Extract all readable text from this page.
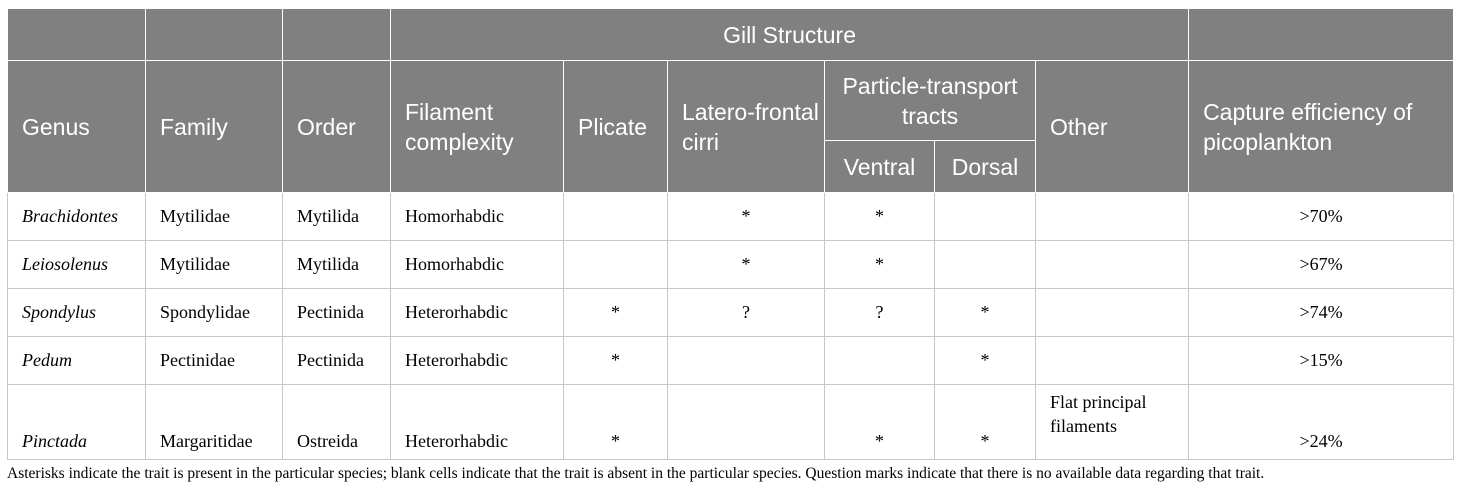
			Gill Structure						
Genus	Family	Order	Filament complexity	Plicate	Latero-frontal cirri	Particle-transport tracts		Other	Capture efficiency of picoplankton
						Ventral	Dorsal		
Brachidontes	Mytilidae	Mytilida	Homorhabdic		*	*			>70%
Leiosolenus	Mytilidae	Mytilida	Homorhabdic		*	*			>67%
Spondylus	Spondylidae	Pectinida	Heterorhabdic	*	?	?	*		>74%
Pedum	Pectinidae	Pectinida	Heterorhabdic	*			*		>15%
Pinctada	Margaritidae	Ostreida	Heterorhabdic	*		*	*	Flat principal filaments	>24%
Asterisks indicate the trait is present in the particular species; blank cells indicate that the trait is absent in the particular species. Question marks indicate that there is no available data regarding that trait.
